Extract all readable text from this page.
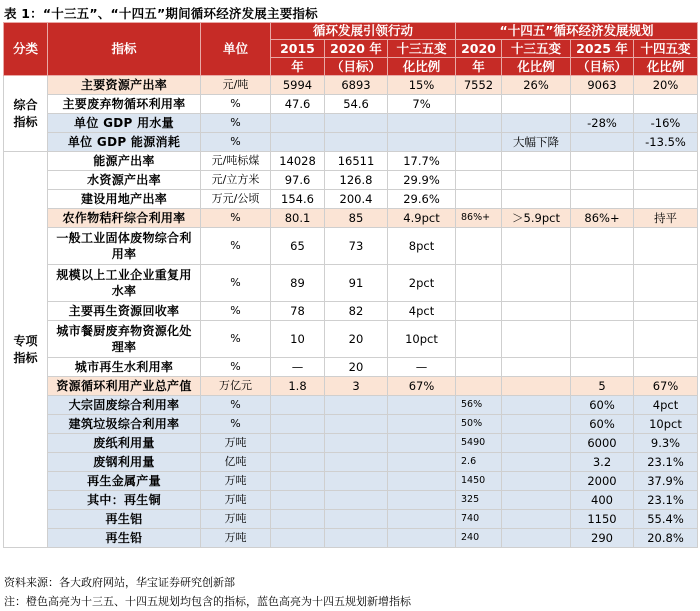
表 1：“十三五”、“十四五”期间循环经济发展主要指标
分类	指标	单位	循环发展引领行动			“十四五”循环经济发展规划			
			2015	2020 年	十三五变	2020	十三五变	2025 年	十四五变
			年	（目标）	化比例	年	化比例	（目标）	化比例
综合
指标	主要资源产出率	元/吨	5994	6893	15%	7552	26%	9063	20%
	主要废弃物循环利用率	%	47.6	54.6	7%				
	单位 GDP 用水量	%						-28%	-16%
	单位 GDP 能源消耗	%					大幅下降		-13.5%
专项
指标	能源产出率	元/吨标煤	14028	16511	17.7%				
	水资源产出率	元/立方米	97.6	126.8	29.9%				
	建设用地产出率	万元/公顷	154.6	200.4	29.6%				
	农作物秸秆综合利用率	%	80.1	85	4.9pct	86%+	＞5.9pct	86%+	持平
	一般工业固体废物综合利
用率	%	65	73	8pct				
	规模以上工业企业重复用
水率	%	89	91	2pct				
	主要再生资源回收率	%	78	82	4pct				
	城市餐厨废弃物资源化处
理率	%	10	20	10pct				
	城市再生水利用率	%	—	20	—				
	资源循环利用产业总产值	万亿元	1.8	3	67%			5	67%
	大宗固废综合利用率	%				56%		60%	4pct
	建筑垃圾综合利用率	%				50%		60%	10pct
	废纸利用量	万吨				5490		6000	9.3%
	废钢利用量	亿吨				2.6		3.2	23.1%
	再生金属产量	万吨				1450		2000	37.9%
	其中：再生铜	万吨				325		400	23.1%
	再生铝	万吨				740		1150	55.4%
	再生铅	万吨				240		290	20.8%
资料来源：各大政府网站，华宝证券研究创新部
注：橙色高亮为十三五、十四五规划均包含的指标，蓝色高亮为十四五规划新增指标
